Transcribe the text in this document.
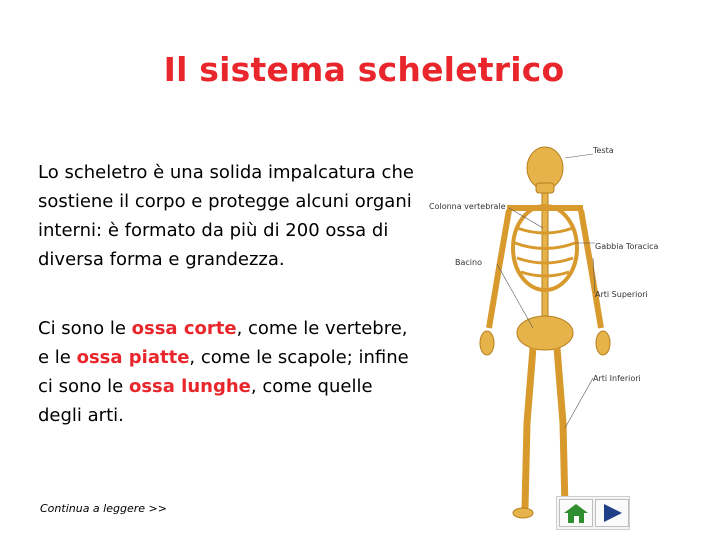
Il sistema scheletrico
Lo scheletro è una solida impalcatura che sostiene il corpo e protegge alcuni organi interni: è formato da più di 200 ossa di diversa forma e grandezza.
Ci sono le ossa corte, come le vertebre, e le ossa piatte, come le scapole; infine ci sono le ossa lunghe, come quelle degli arti.
Testa
Colonna vertebrale
Gabbia Toracica
Bacino
Arti Superiori
Arti Inferiori
Continua a leggere >>
